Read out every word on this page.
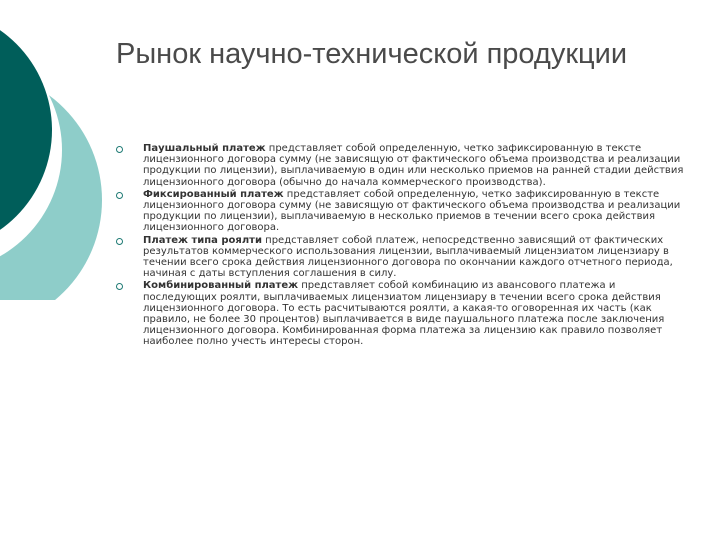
Рынок научно-технической продукции
Паушальный платеж представляет собой определенную, четко зафиксированную в тексте лицензионного договора сумму (не зависящую от фактического объема производства и реализации продукции по лицензии), выплачиваемую в один или несколько приемов на ранней стадии действия лицензионного договора (обычно до начала коммерческого производства).
Фиксированный платеж представляет собой определенную, четко зафиксированную в тексте лицензионного договора сумму (не зависящую от фактического объема производства и реализации продукции по лицензии), выплачиваемую в несколько приемов в течении всего срока действия лицензионного договора.
Платеж типа роялти представляет собой платеж, непосредственно зависящий от фактических результатов коммерческого использования лицензии, выплачиваемый лицензиатом лицензиару в течении всего срока действия лицензионного договора по окончании каждого отчетного периода, начиная с даты вступления соглашения в силу.
Комбинированный платеж представляет собой комбинацию из авансового платежа и последующих роялти, выплачиваемых лицензиатом лицензиару в течении всего срока действия лицензионного договора. То есть расчитываются роялти, а какая-то оговоренная их часть (как правило, не более 30 процентов) выплачивается в виде паушального платежа после заключения лицензионного договора. Комбинированная форма платежа за лицензию как правило позволяет наиболее полно учесть интересы сторон.
